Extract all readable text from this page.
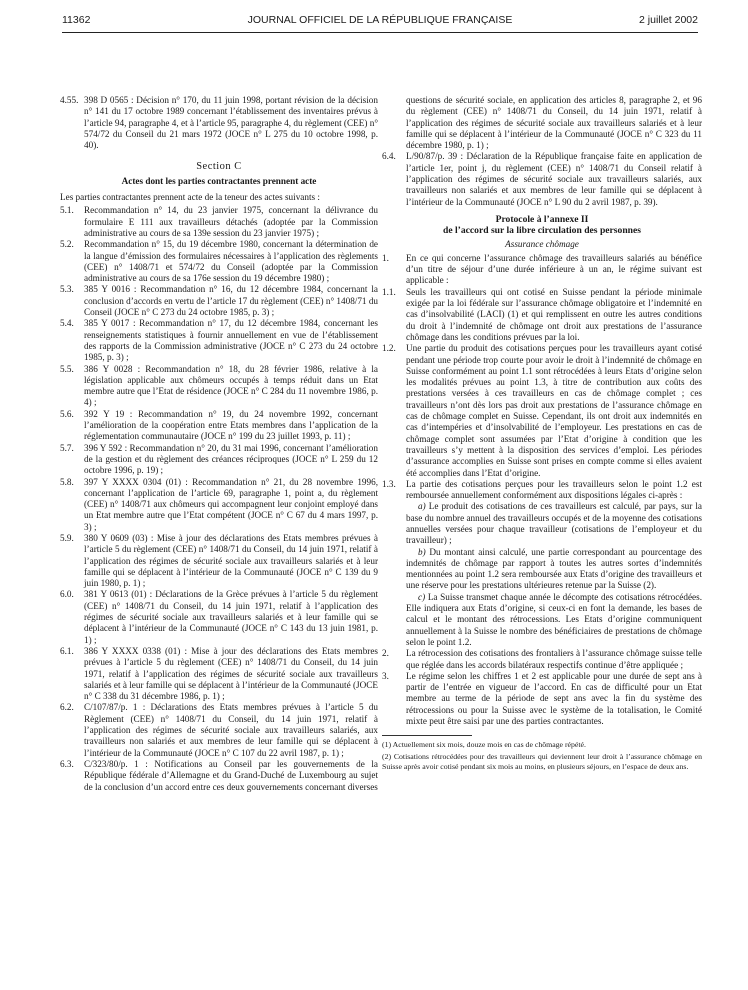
11362	JOURNAL OFFICIEL DE LA RÉPUBLIQUE FRANÇAISE	2 juillet 2002
4.55. 398 D 0565 : Décision n° 170, du 11 juin 1998, portant révision de la décision n° 141 du 17 octobre 1989 concernant l’établissement des inventaires prévus à l’article 94, paragraphe 4, et à l’article 95, paragraphe 4, du règlement (CEE) n° 574/72 du Conseil du 21 mars 1972 (JOCE n° L 275 du 10 octobre 1998, p. 40).
Section C
Actes dont les parties contractantes prennent acte
Les parties contractantes prennent acte de la teneur des actes suivants :
5.1.	Recommandation n° 14, du 23 janvier 1975, concernant la délivrance du formulaire E 111 aux travailleurs détachés (adoptée par la Commission administrative au cours de sa 139e session du 23 janvier 1975) ;
5.2.	Recommandation n° 15, du 19 décembre 1980, concernant la détermination de la langue d’émission des formulaires nécessaires à l’application des règlements (CEE) n° 1408/71 et 574/72 du Conseil (adoptée par la Commission administrative au cours de sa 176e session du 19 décembre 1980) ;
5.3.	385 Y 0016 : Recommandation n° 16, du 12 décembre 1984, concernant la conclusion d’accords en vertu de l’article 17 du règlement (CEE) n° 1408/71 du Conseil (JOCE n° C 273 du 24 octobre 1985, p. 3) ;
5.4.	385 Y 0017 : Recommandation n° 17, du 12 décembre 1984, concernant les renseignements statistiques à fournir annuellement en vue de l’établissement des rapports de la Commission administrative (JOCE n° C 273 du 24 octobre 1985, p. 3) ;
5.5.	386 Y 0028 : Recommandation n° 18, du 28 février 1986, relative à la législation applicable aux chômeurs occupés à temps réduit dans un Etat membre autre que l’Etat de résidence (JOCE n° C 284 du 11 novembre 1986, p. 4) ;
5.6.	392 Y 19 : Recommandation n° 19, du 24 novembre 1992, concernant l’amélioration de la coopération entre Etats membres dans l’application de la réglementation communautaire (JOCE n° 199 du 23 juillet 1993, p. 11) ;
5.7.	396 Y 592 : Recommandation n° 20, du 31 mai 1996, concernant l’amélioration de la gestion et du règlement des créances réciproques (JOCE n° L 259 du 12 octobre 1996, p. 19) ;
5.8.	397 Y XXXX 0304 (01) : Recommandation n° 21, du 28 novembre 1996, concernant l’application de l’article 69, paragraphe 1, point a, du règlement (CEE) n° 1408/71 aux chômeurs qui accompagnent leur conjoint employé dans un Etat membre autre que l’Etat compétent (JOCE n° C 67 du 4 mars 1997, p. 3) ;
5.9.	380 Y 0609 (03) : Mise à jour des déclarations des Etats membres prévues à l’article 5 du règlement (CEE) n° 1408/71 du Conseil, du 14 juin 1971, relatif à l’application des régimes de sécurité sociale aux travailleurs salariés et à leur famille qui se déplacent à l’intérieur de la Communauté (JOCE n° C 139 du 9 juin 1980, p. 1) ;
6.0.	381 Y 0613 (01) : Déclarations de la Grèce prévues à l’article 5 du règlement (CEE) n° 1408/71 du Conseil, du 14 juin 1971, relatif à l’application des régimes de sécurité sociale aux travailleurs salariés et à leur famille qui se déplacent à l’intérieur de la Communauté (JOCE n° C 143 du 13 juin 1981, p. 1) ;
6.1.	386 Y XXXX 0338 (01) : Mise à jour des déclarations des Etats membres prévues à l’article 5 du règlement (CEE) n° 1408/71 du Conseil, du 14 juin 1971, relatif à l’application des régimes de sécurité sociale aux travailleurs salariés et à leur famille qui se déplacent à l’intérieur de la Communauté (JOCE n° C 338 du 31 décembre 1986, p. 1) ;
6.2.	C/107/87/p. 1 : Déclarations des Etats membres prévues à l’article 5 du Règlement (CEE) n° 1408/71 du Conseil, du 14 juin 1971, relatif à l’application des régimes de sécurité sociale aux travailleurs salariés, aux travailleurs non salariés et aux membres de leur famille qui se déplacent à l’intérieur de la Communauté (JOCE n° C 107 du 22 avril 1987, p. 1) ;
6.3.	C/323/80/p. 1 : Notifications au Conseil par les gouvernements de la République fédérale d’Allemagne et du Grand-Duché de Luxembourg au sujet de la conclusion d’un accord entre ces deux gouvernements concernant diverses
questions de sécurité sociale, en application des articles 8, paragraphe 2, et 96 du règlement (CEE) n° 1408/71 du Conseil, du 14 juin 1971, relatif à l’application des régimes de sécurité sociale aux travailleurs salariés et à leur famille qui se déplacent à l’intérieur de la Communauté (JOCE n° C 323 du 11 décembre 1980, p. 1) ;
6.4.	L/90/87/p. 39 : Déclaration de la République française faite en application de l’article 1er, point j, du règlement (CEE) n° 1408/71 du Conseil relatif à l’application des régimes de sécurité sociale aux travailleurs salariés, aux travailleurs non salariés et aux membres de leur famille qui se déplacent à l’intérieur de la Communauté (JOCE n° L 90 du 2 avril 1987, p. 39).
Protocole à l’annexe II
de l’accord sur la libre circulation des personnes
Assurance chômage
1.	En ce qui concerne l’assurance chômage des travailleurs salariés au bénéfice d’un titre de séjour d’une durée inférieure à un an, le régime suivant est applicable :
1.1.	Seuls les travailleurs qui ont cotisé en Suisse pendant la période minimale exigée par la loi fédérale sur l’assurance chômage obligatoire et l’indemnité en cas d’insolvabilité (LACI) (1) et qui remplissent en outre les autres conditions du droit à l’indemnité de chômage ont droit aux prestations de l’assurance chômage dans les conditions prévues par la loi.
1.2.	Une partie du produit des cotisations perçues pour les travailleurs ayant cotisé pendant une période trop courte pour avoir le droit à l’indemnité de chômage en Suisse conformément au point 1.1 sont rétrocédées à leurs Etats d’origine selon les modalités prévues au point 1.3, à titre de contribution aux coûts des prestations versées à ces travailleurs en cas de chômage complet ; ces travailleurs n’ont dès lors pas droit aux prestations de l’assurance chômage en cas de chômage complet en Suisse. Cependant, ils ont droit aux indemnités en cas d’intempéries et d’insolvabilité de l’employeur. Les prestations en cas de chômage complet sont assumées par l’Etat d’origine à condition que les travailleurs s’y mettent à la disposition des services d’emploi. Les périodes d’assurance accomplies en Suisse sont prises en compte comme si elles avaient été accomplies dans l’Etat d’origine.
1.3.	La partie des cotisations perçues pour les travailleurs selon le point 1.2 est remboursée annuellement conformément aux dispositions légales ci-après :

a) Le produit des cotisations de ces travailleurs est calculé, par pays, sur la base du nombre annuel des travailleurs occupés et de la moyenne des cotisations annuelles versées pour chaque travailleur (cotisations de l’employeur et du travailleur) ;

b) Du montant ainsi calculé, une partie correspondant au pourcentage des indemnités de chômage par rapport à toutes les autres sortes d’indemnités mentionnées au point 1.2 sera remboursée aux Etats d’origine des travailleurs et une réserve pour les prestations ultérieures retenue par la Suisse (2).

c) La Suisse transmet chaque année le décompte des cotisations rétrocédées. Elle indiquera aux Etats d’origine, si ceux-ci en font la demande, les bases de calcul et le montant des rétrocessions. Les Etats d’origine communiquent annuellement à la Suisse le nombre des bénéficiaires de prestations de chômage selon le point 1.2.

2.	La rétrocession des cotisations des frontaliers à l’assurance chômage suisse telle que réglée dans les accords bilatéraux respectifs continue d’être appliquée ;
3.	Le régime selon les chiffres 1 et 2 est applicable pour une durée de sept ans à partir de l’entrée en vigueur de l’accord. En cas de difficulté pour un Etat membre au terme de la période de sept ans avec la fin du système des rétrocessions ou pour la Suisse avec le système de la totalisation, le Comité mixte peut être saisi par une des parties contractantes.
(1) Actuellement six mois, douze mois en cas de chômage répété.
(2) Cotisations rétrocédées pour des travailleurs qui deviennent leur droit à l’assurance chômage en Suisse après avoir cotisé pendant six mois au moins, en plusieurs séjours, en l’espace de deux ans.
